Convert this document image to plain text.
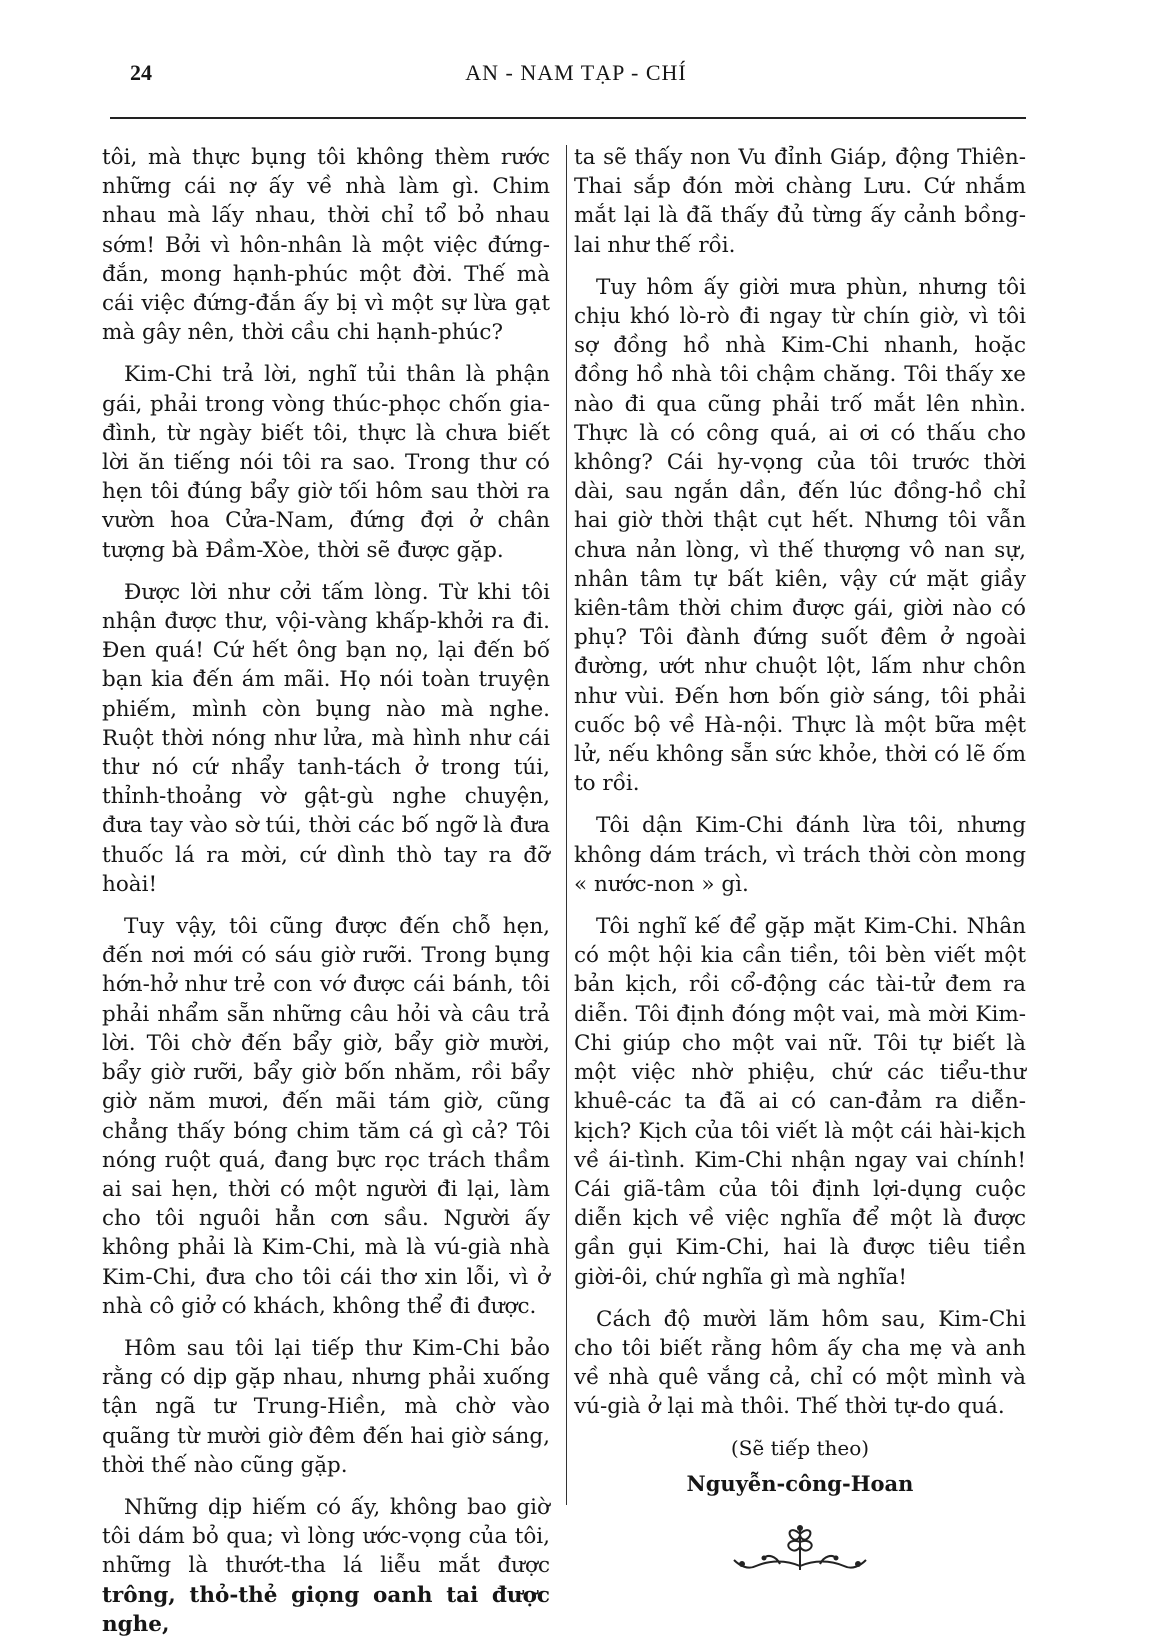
24	AN - NAM TẠP - CHÍ

tôi, mà thực bụng tôi không thèm rước những cái nợ ấy về nhà làm gì. Chim nhau mà lấy nhau, thời chỉ tổ bỏ nhau sớm! Bởi vì hôn-nhân là một việc đứng-đắn, mong hạnh-phúc một đời. Thế mà cái việc đứng-đắn ấy bị vì một sự lừa gạt mà gây nên, thời cầu chi hạnh-phúc?

Kim-Chi trả lời, nghĩ tủi thân là phận gái, phải trong vòng thúc-phọc chốn gia-đình, từ ngày biết tôi, thực là chưa biết lời ăn tiếng nói tôi ra sao. Trong thư có hẹn tôi đúng bẩy giờ tối hôm sau thời ra vườn hoa Cửa-Nam, đứng đợi ở chân tượng bà Đầm-Xòe, thời sẽ được gặp.

Được lời như cởi tấm lòng. Từ khi tôi nhận được thư, vội-vàng khấp-khởi ra đi. Đen quá! Cứ hết ông bạn nọ, lại đến bố bạn kia đến ám mãi. Họ nói toàn truyện phiếm, mình còn bụng nào mà nghe. Ruột thời nóng như lửa, mà hình như cái thư nó cứ nhẩy tanh-tách ở trong túi, thỉnh-thoảng vờ gật-gù nghe chuyện, đưa tay vào sờ túi, thời các bố ngỡ là đưa thuốc lá ra mời, cứ dình thò tay ra đỡ hoài!

Tuy vậy, tôi cũng được đến chỗ hẹn, đến nơi mới có sáu giờ rưỡi. Trong bụng hớn-hở như trẻ con vớ được cái bánh, tôi phải nhẩm sẵn những câu hỏi và câu trả lời. Tôi chờ đến bẩy giờ, bẩy giờ mười, bẩy giờ rưỡi, bẩy giờ bốn nhăm, rồi bẩy giờ năm mươi, đến mãi tám giờ, cũng chẳng thấy bóng chim tăm cá gì cả? Tôi nóng ruột quá, đang bực rọc trách thầm ai sai hẹn, thời có một người đi lại, làm cho tôi nguôi hẳn cơn sầu. Người ấy không phải là Kim-Chi, mà là vú-già nhà Kim-Chi, đưa cho tôi cái thơ xin lỗi, vì ở nhà cô giở có khách, không thể đi được.

Hôm sau tôi lại tiếp thư Kim-Chi bảo rằng có dịp gặp nhau, nhưng phải xuống tận ngã tư Trung-Hiền, mà chờ vào quãng từ mười giờ đêm đến hai giờ sáng, thời thế nào cũng gặp.

Những dịp hiếm có ấy, không bao giờ tôi dám bỏ qua; vì lòng ước-vọng của tôi, những là thướt-tha lá liễu mắt được trông, thỏ-thẻ giọng oanh tai được nghe,

ta sẽ thấy non Vu đỉnh Giáp, động Thiên-Thai sắp đón mời chàng Lưu. Cứ nhắm mắt lại là đã thấy đủ từng ấy cảnh bồng-lai như thế rồi.

Tuy hôm ấy giời mưa phùn, nhưng tôi chịu khó lò-rò đi ngay từ chín giờ, vì tôi sợ đồng hồ nhà Kim-Chi nhanh, hoặc đồng hồ nhà tôi chậm chăng. Tôi thấy xe nào đi qua cũng phải trố mắt lên nhìn. Thực là có công quá, ai ơi có thấu cho không? Cái hy-vọng của tôi trước thời dài, sau ngắn dần, đến lúc đồng-hồ chỉ hai giờ thời thật cụt hết. Nhưng tôi vẫn chưa nản lòng, vì thế thượng vô nan sự, nhân tâm tự bất kiên, vậy cứ mặt giầy kiên-tâm thời chim được gái, giời nào có phụ? Tôi đành đứng suốt đêm ở ngoài đường, ướt như chuột lột, lấm như chôn như vùi. Đến hơn bốn giờ sáng, tôi phải cuốc bộ về Hà-nội. Thực là một bữa mệt lử, nếu không sẵn sức khỏe, thời có lẽ ốm to rồi.

Tôi dận Kim-Chi đánh lừa tôi, nhưng không dám trách, vì trách thời còn mong « nước-non » gì.

Tôi nghĩ kế để gặp mặt Kim-Chi. Nhân có một hội kia cần tiền, tôi bèn viết một bản kịch, rồi cổ-động các tài-tử đem ra diễn. Tôi định đóng một vai, mà mời Kim-Chi giúp cho một vai nữ. Tôi tự biết là một việc nhờ phiệu, chứ các tiểu-thư khuê-các ta đã ai có can-đảm ra diễn-kịch? Kịch của tôi viết là một cái hài-kịch về ái-tình. Kim-Chi nhận ngay vai chính! Cái giã-tâm của tôi định lợi-dụng cuộc diễn kịch về việc nghĩa để một là được gần gụi Kim-Chi, hai là được tiêu tiền giời-ôi, chứ nghĩa gì mà nghĩa!

Cách độ mười lăm hôm sau, Kim-Chi cho tôi biết rằng hôm ấy cha mẹ và anh về nhà quê vắng cả, chỉ có một mình và vú-già ở lại mà thôi. Thế thời tự-do quá.

(Sẽ tiếp theo)
Nguyễn-công-Hoan
